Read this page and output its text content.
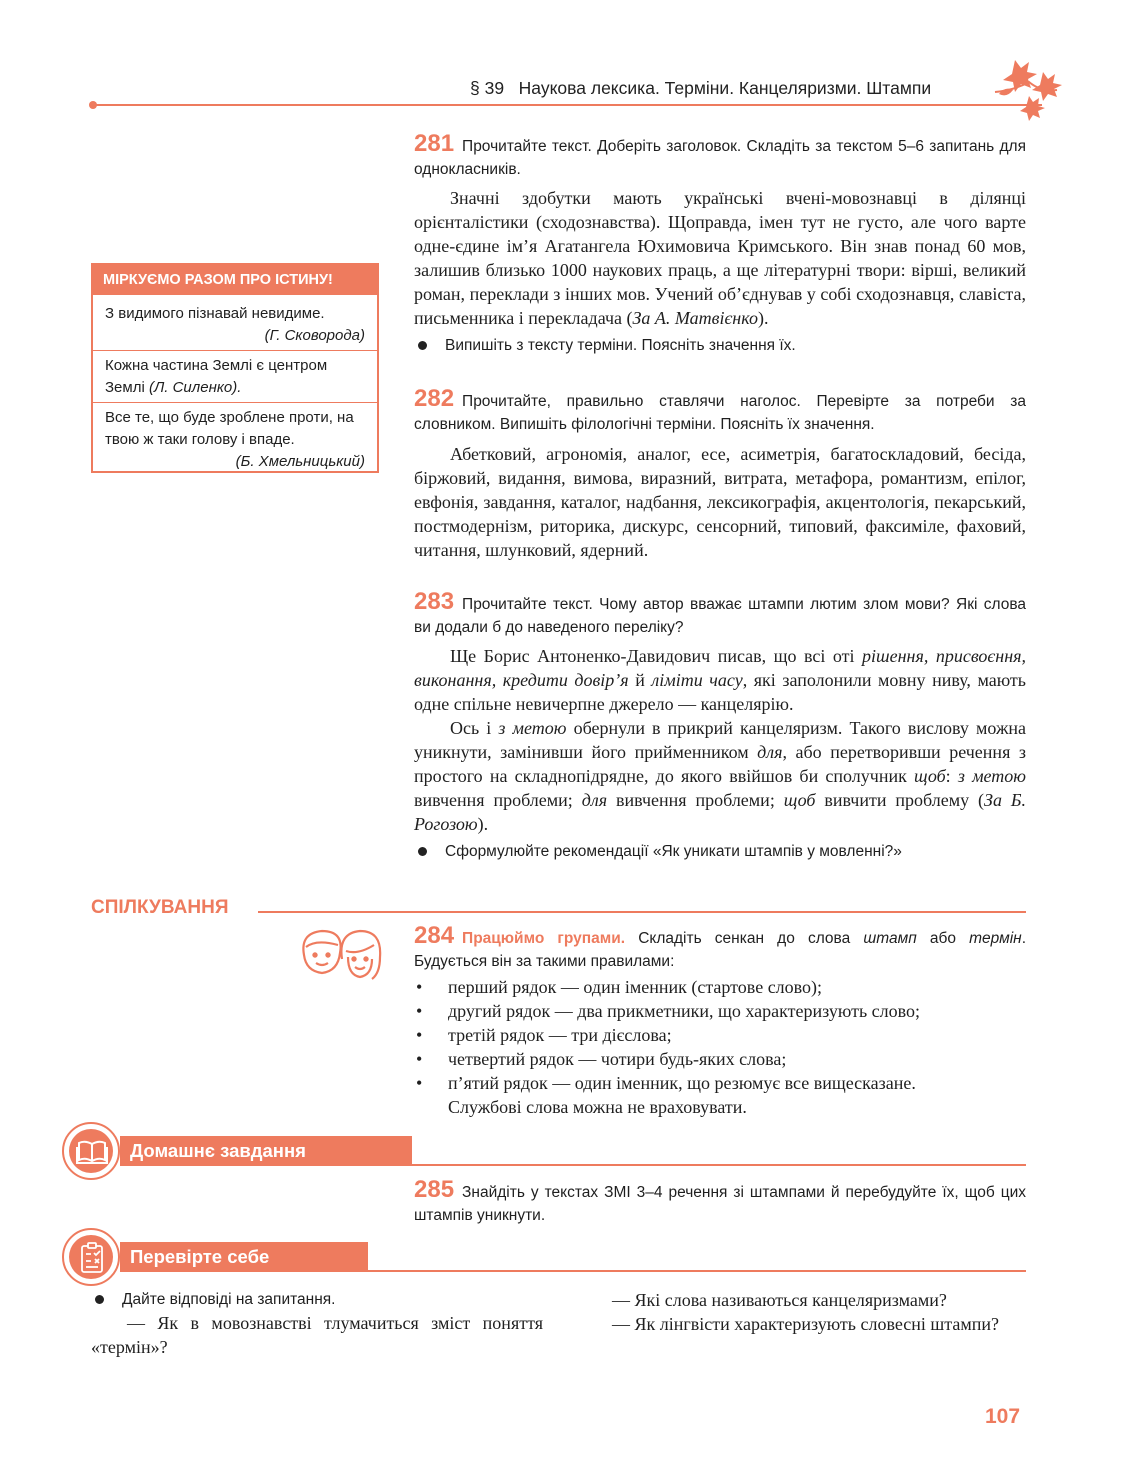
§ 39 Наукова лексика. Терміни. Канцеляризми. Штампи

281 Прочитайте текст. Доберіть заголовок. Складіть за текстом 5–6 запитань для однокласників.

Значні здобутки мають українські вчені-мовознавці в ділянці орієнталістики (сходознавства). Щоправда, імен тут не густо, але чого варте одне-єдине ім’я Агатангела Юхимовича Кримського. Він знав понад 60 мов, залишив близько 1000 наукових праць, а ще літературні твори: вірші, великий роман, переклади з інших мов. Учений об’єднував у собі сходознавця, славіста, письменника і перекладача (За А. Матвієнко).

Випишіть з тексту терміни. Поясніть значення їх.

МІРКУЄМО РАЗОМ ПРО ІСТИНУ!
З видимого пізнавай невидиме.
(Г. Сковорода)
Кожна частина Землі є центром Землі (Л. Силенко).
Все те, що буде зроблене проти, на твою ж таки голову і впаде.
(Б. Хмельницький)

282 Прочитайте, правильно ставлячи наголос. Перевірте за потреби за словником. Випишіть філологічні терміни. Поясніть їх значення.

Абетковий, агрономія, аналог, есе, асиметрія, багатоскладовий, бесіда, біржовий, видання, вимова, виразний, витрата, метафора, романтизм, епілог, евфонія, завдання, каталог, надбання, лексикографія, акцентологія, пекарський, постмодернізм, риторика, дискурс, сенсорний, типовий, факсиміле, фаховий, читання, шлунковий, ядерний.

283 Прочитайте текст. Чому автор вважає штампи лютим злом мови? Які слова ви додали б до наведеного переліку?

Ще Борис Антоненко-Давидович писав, що всі оті рішення, присвоєння, виконання, кредити довір’я й ліміти часу, які заполонили мовну ниву, мають одне спільне невичерпне джерело — канцелярію.

Ось і з метою обернули в прикрий канцеляризм. Такого вислову можна уникнути, замінивши його прийменником для, або перетворивши речення з простого на складнопідрядне, до якого ввійшов би сполучник щоб: з метою вивчення проблеми; для вивчення проблеми; щоб вивчити проблему (За Б. Рогозою).

Сформулюйте рекомендації «Як уникати штампів у мовленні?»

СПІЛКУВАННЯ

284 Працюймо групами. Складіть сенкан до слова штамп або термін. Будується він за такими правилами:

• перший рядок — один іменник (стартове слово);
• другий рядок — два прикметники, що характеризують слово;
• третій рядок — три дієслова;
• четвертий рядок — чотири будь-яких слова;
• п’ятий рядок — один іменник, що резюмує все вищесказане.
Службові слова можна не враховувати.
Домашнє завдання

285 Знайдіть у текстах ЗМІ 3–4 речення зі штампами й перебудуйте їх, щоб цих штампів уникнути.

Перевірте себе

Дайте відповіді на запитання.

— Як в мовознавстві тлумачиться зміст поняття «термін»?

— Які слова називаються канцеляризмами?

— Як лінгвісти характеризують словесні штампи?

107
